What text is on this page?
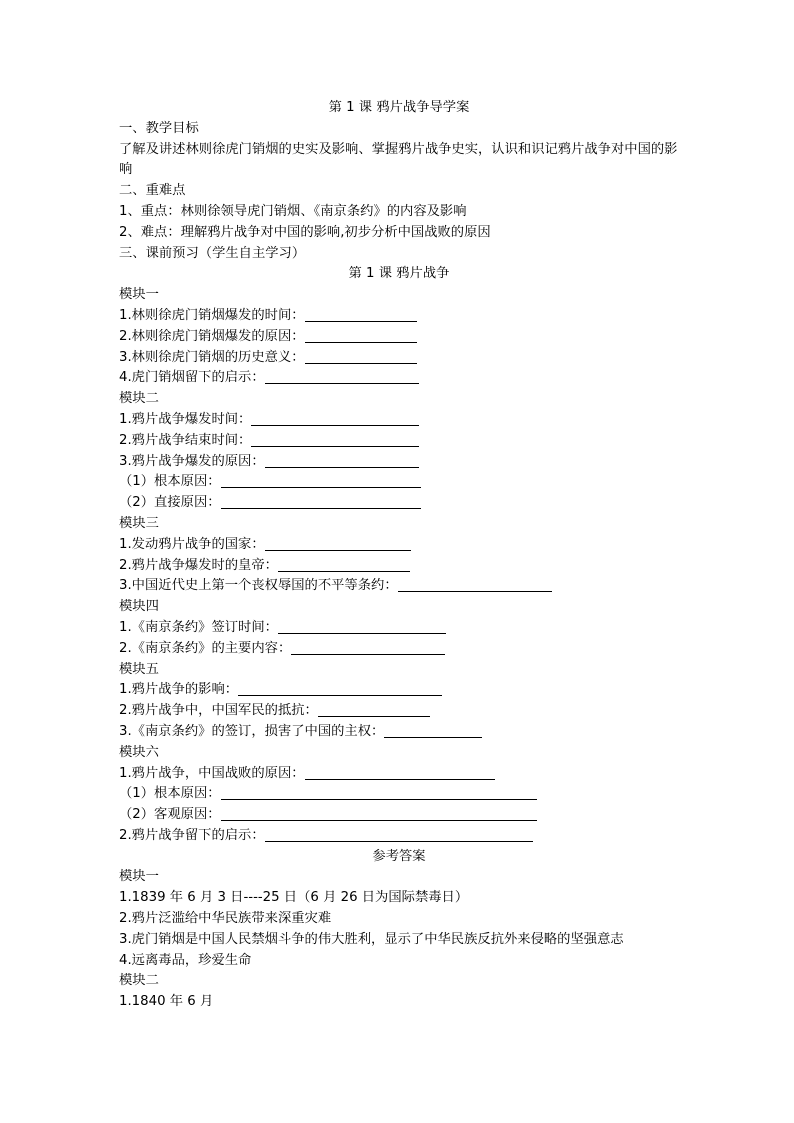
第 1 课 鸦片战争导学案
一、教学目标
了解及讲述林则徐虎门销烟的史实及影响、掌握鸦片战争史实，认识和识记鸦片战争对中国的影响
二、重难点
1、重点：林则徐领导虎门销烟、《南京条约》的内容及影响
2、难点：理解鸦片战争对中国的影响,初步分析中国战败的原因
三、课前预习（学生自主学习）
第 1 课 鸦片战争
模块一
1.林则徐虎门销烟爆发的时间：
2.林则徐虎门销烟爆发的原因：
3.林则徐虎门销烟的历史意义：
4.虎门销烟留下的启示：
模块二
1.鸦片战争爆发时间：
2.鸦片战争结束时间：
3.鸦片战争爆发的原因：
（1）根本原因：
（2）直接原因：
模块三
1.发动鸦片战争的国家：
2.鸦片战争爆发时的皇帝：
3.中国近代史上第一个丧权辱国的不平等条约：
模块四
1.《南京条约》签订时间：
2.《南京条约》的主要内容：
模块五
1.鸦片战争的影响：
2.鸦片战争中，中国军民的抵抗：
3.《南京条约》的签订，损害了中国的主权：
模块六
1.鸦片战争，中国战败的原因：
（1）根本原因：
（2）客观原因：
2.鸦片战争留下的启示：
参考答案
模块一
1.1839 年 6 月 3 日----25 日（6 月 26 日为国际禁毒日）
2.鸦片泛滥给中华民族带来深重灾难
3.虎门销烟是中国人民禁烟斗争的伟大胜利，显示了中华民族反抗外来侵略的坚强意志
4.远离毒品，珍爱生命
模块二
1.1840 年 6 月
